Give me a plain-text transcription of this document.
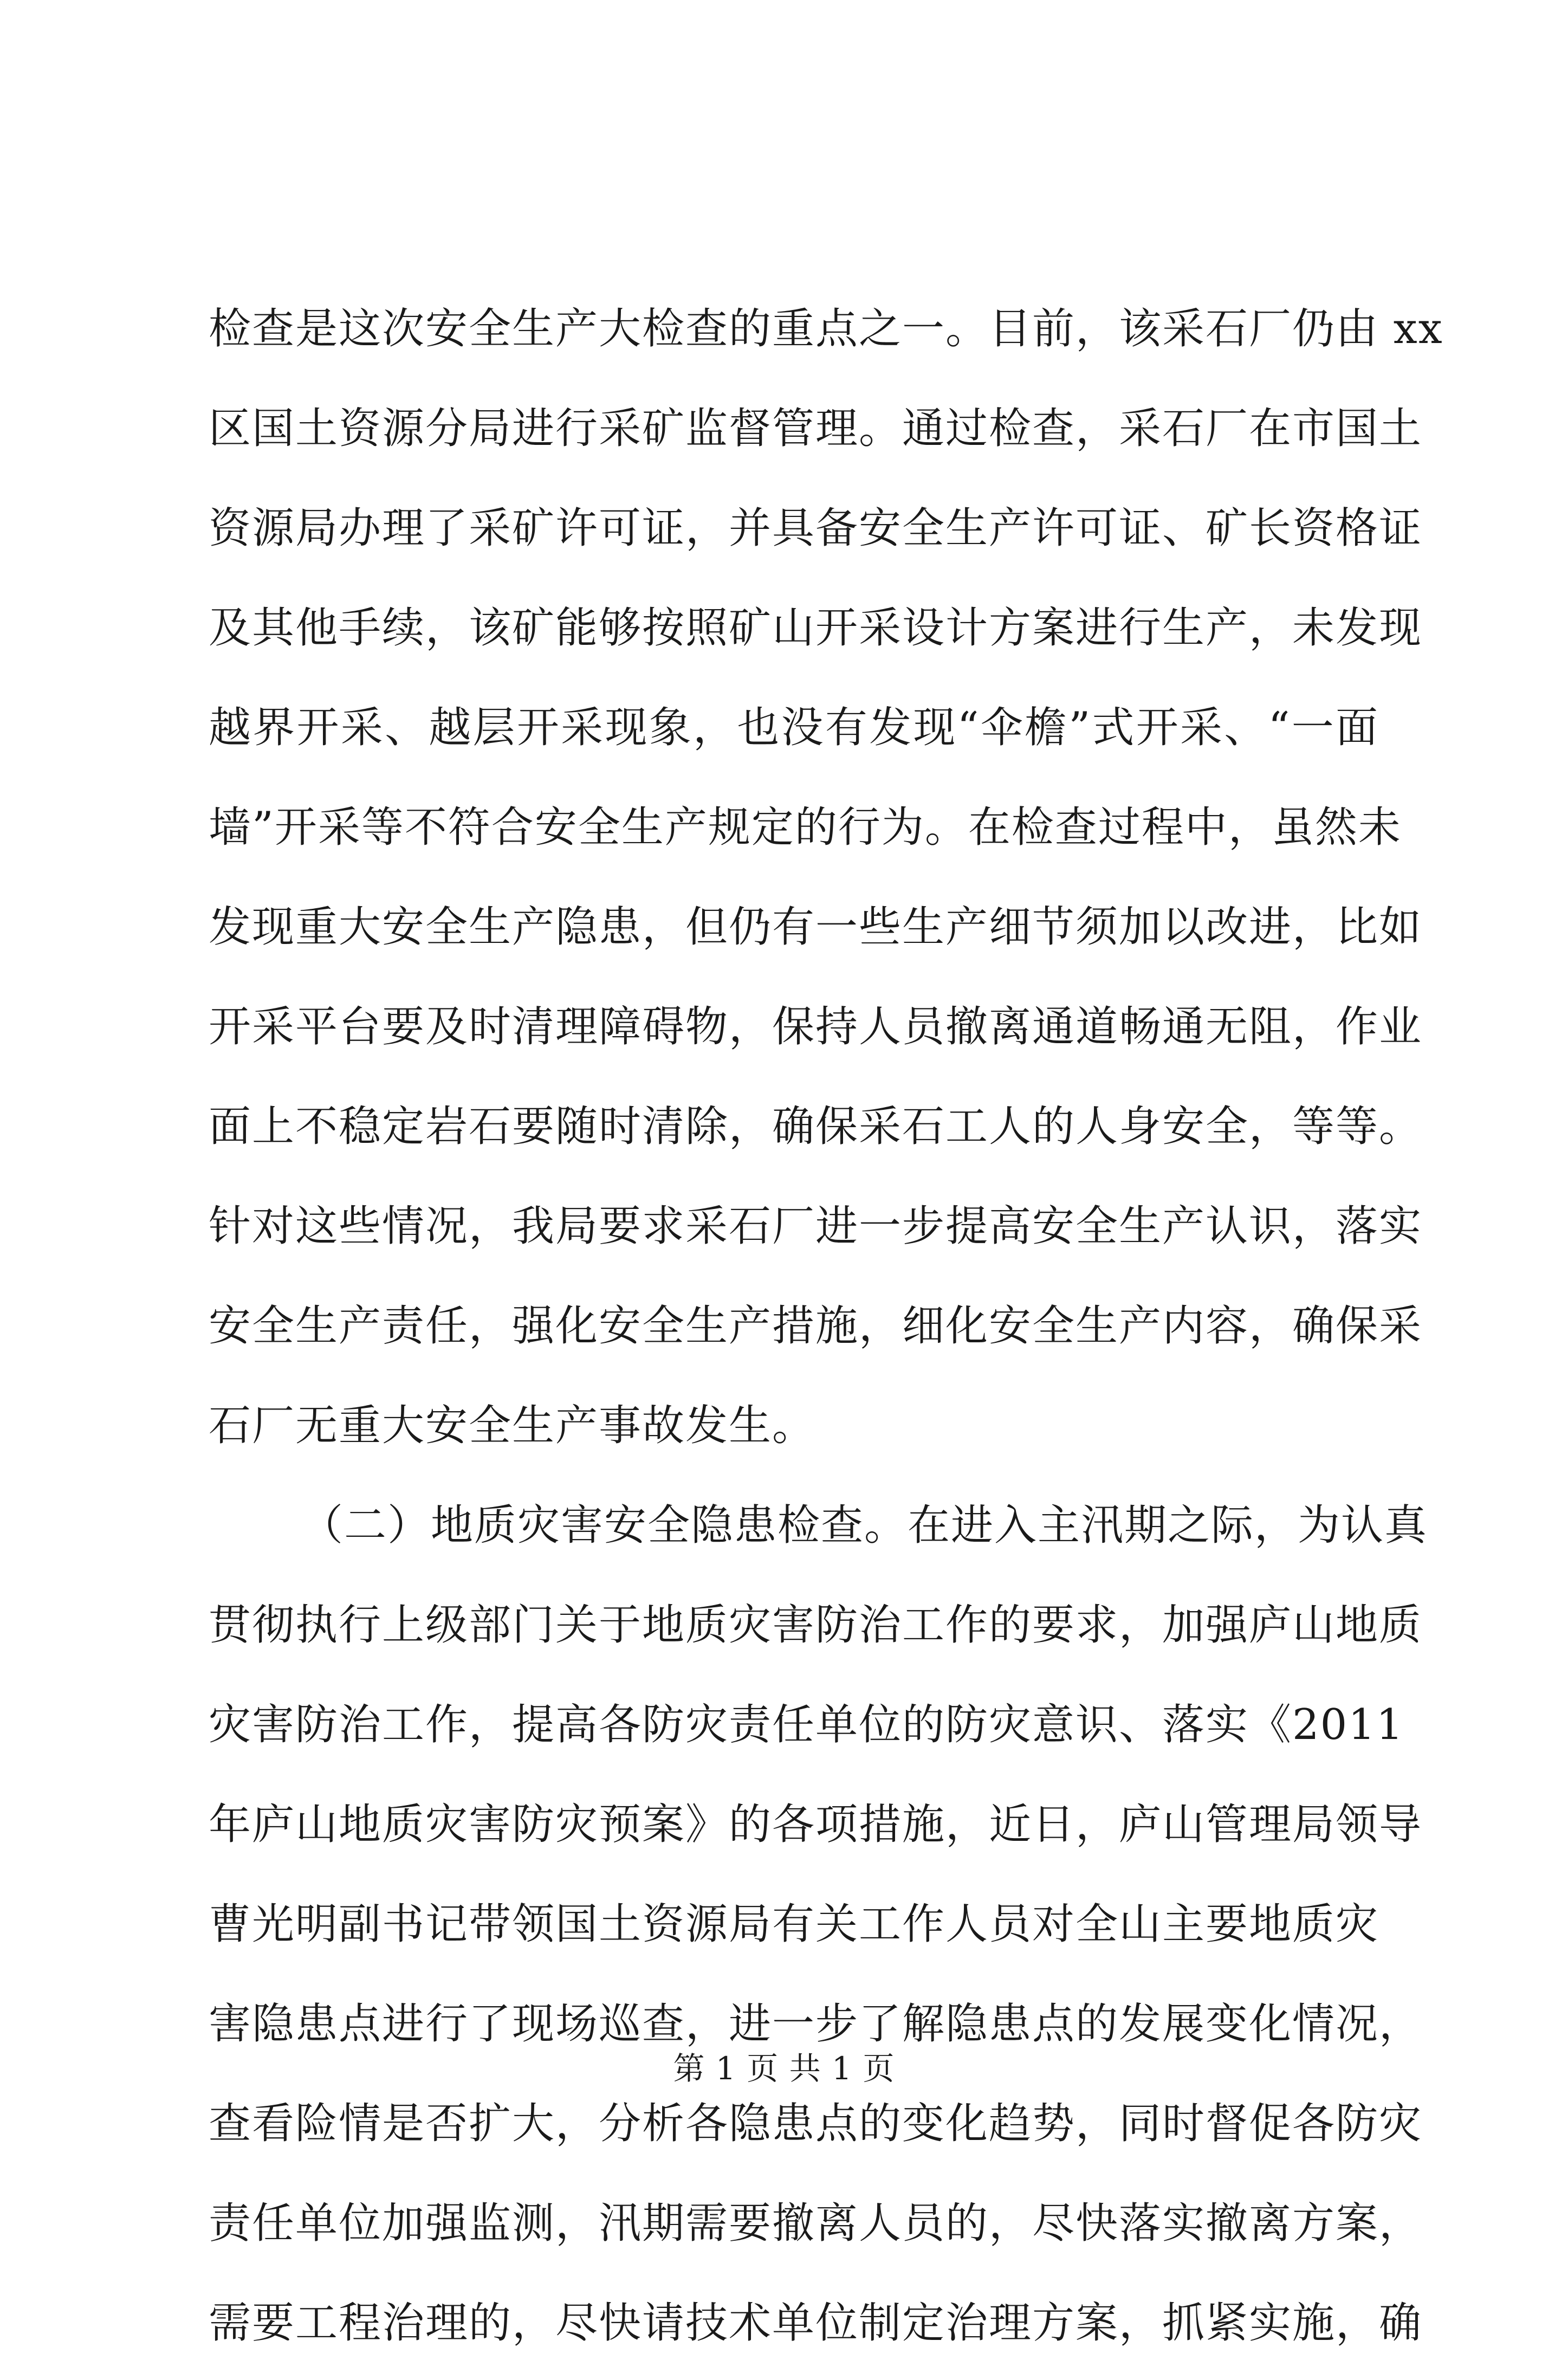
检查是这次安全生产大检查的重点之一。目前，该采石厂仍由 xx
区国土资源分局进行采矿监督管理。通过检查，采石厂在市国土
资源局办理了采矿许可证，并具备安全生产许可证、矿长资格证
及其他手续，该矿能够按照矿山开采设计方案进行生产，未发现
越界开采、越层开采现象，也没有发现“伞檐”式开采、“一面
墙”开采等不符合安全生产规定的行为。在检查过程中，虽然未
发现重大安全生产隐患，但仍有一些生产细节须加以改进，比如
开采平台要及时清理障碍物，保持人员撤离通道畅通无阻，作业
面上不稳定岩石要随时清除，确保采石工人的人身安全，等等。
针对这些情况，我局要求采石厂进一步提高安全生产认识，落实
安全生产责任，强化安全生产措施，细化安全生产内容，确保采
石厂无重大安全生产事故发生。
（二）地质灾害安全隐患检查。在进入主汛期之际，为认真
贯彻执行上级部门关于地质灾害防治工作的要求，加强庐山地质
灾害防治工作，提高各防灾责任单位的防灾意识、落实《2011
年庐山地质灾害防灾预案》的各项措施，近日，庐山管理局领导
曹光明副书记带领国土资源局有关工作人员对全山主要地质灾
害隐患点进行了现场巡查，进一步了解隐患点的发展变化情况，
查看险情是否扩大，分析各隐患点的变化趋势，同时督促各防灾
责任单位加强监测，汛期需要撤离人员的，尽快落实撤离方案，
需要工程治理的，尽快请技术单位制定治理方案，抓紧实施，确
第 1 页 共 1 页
